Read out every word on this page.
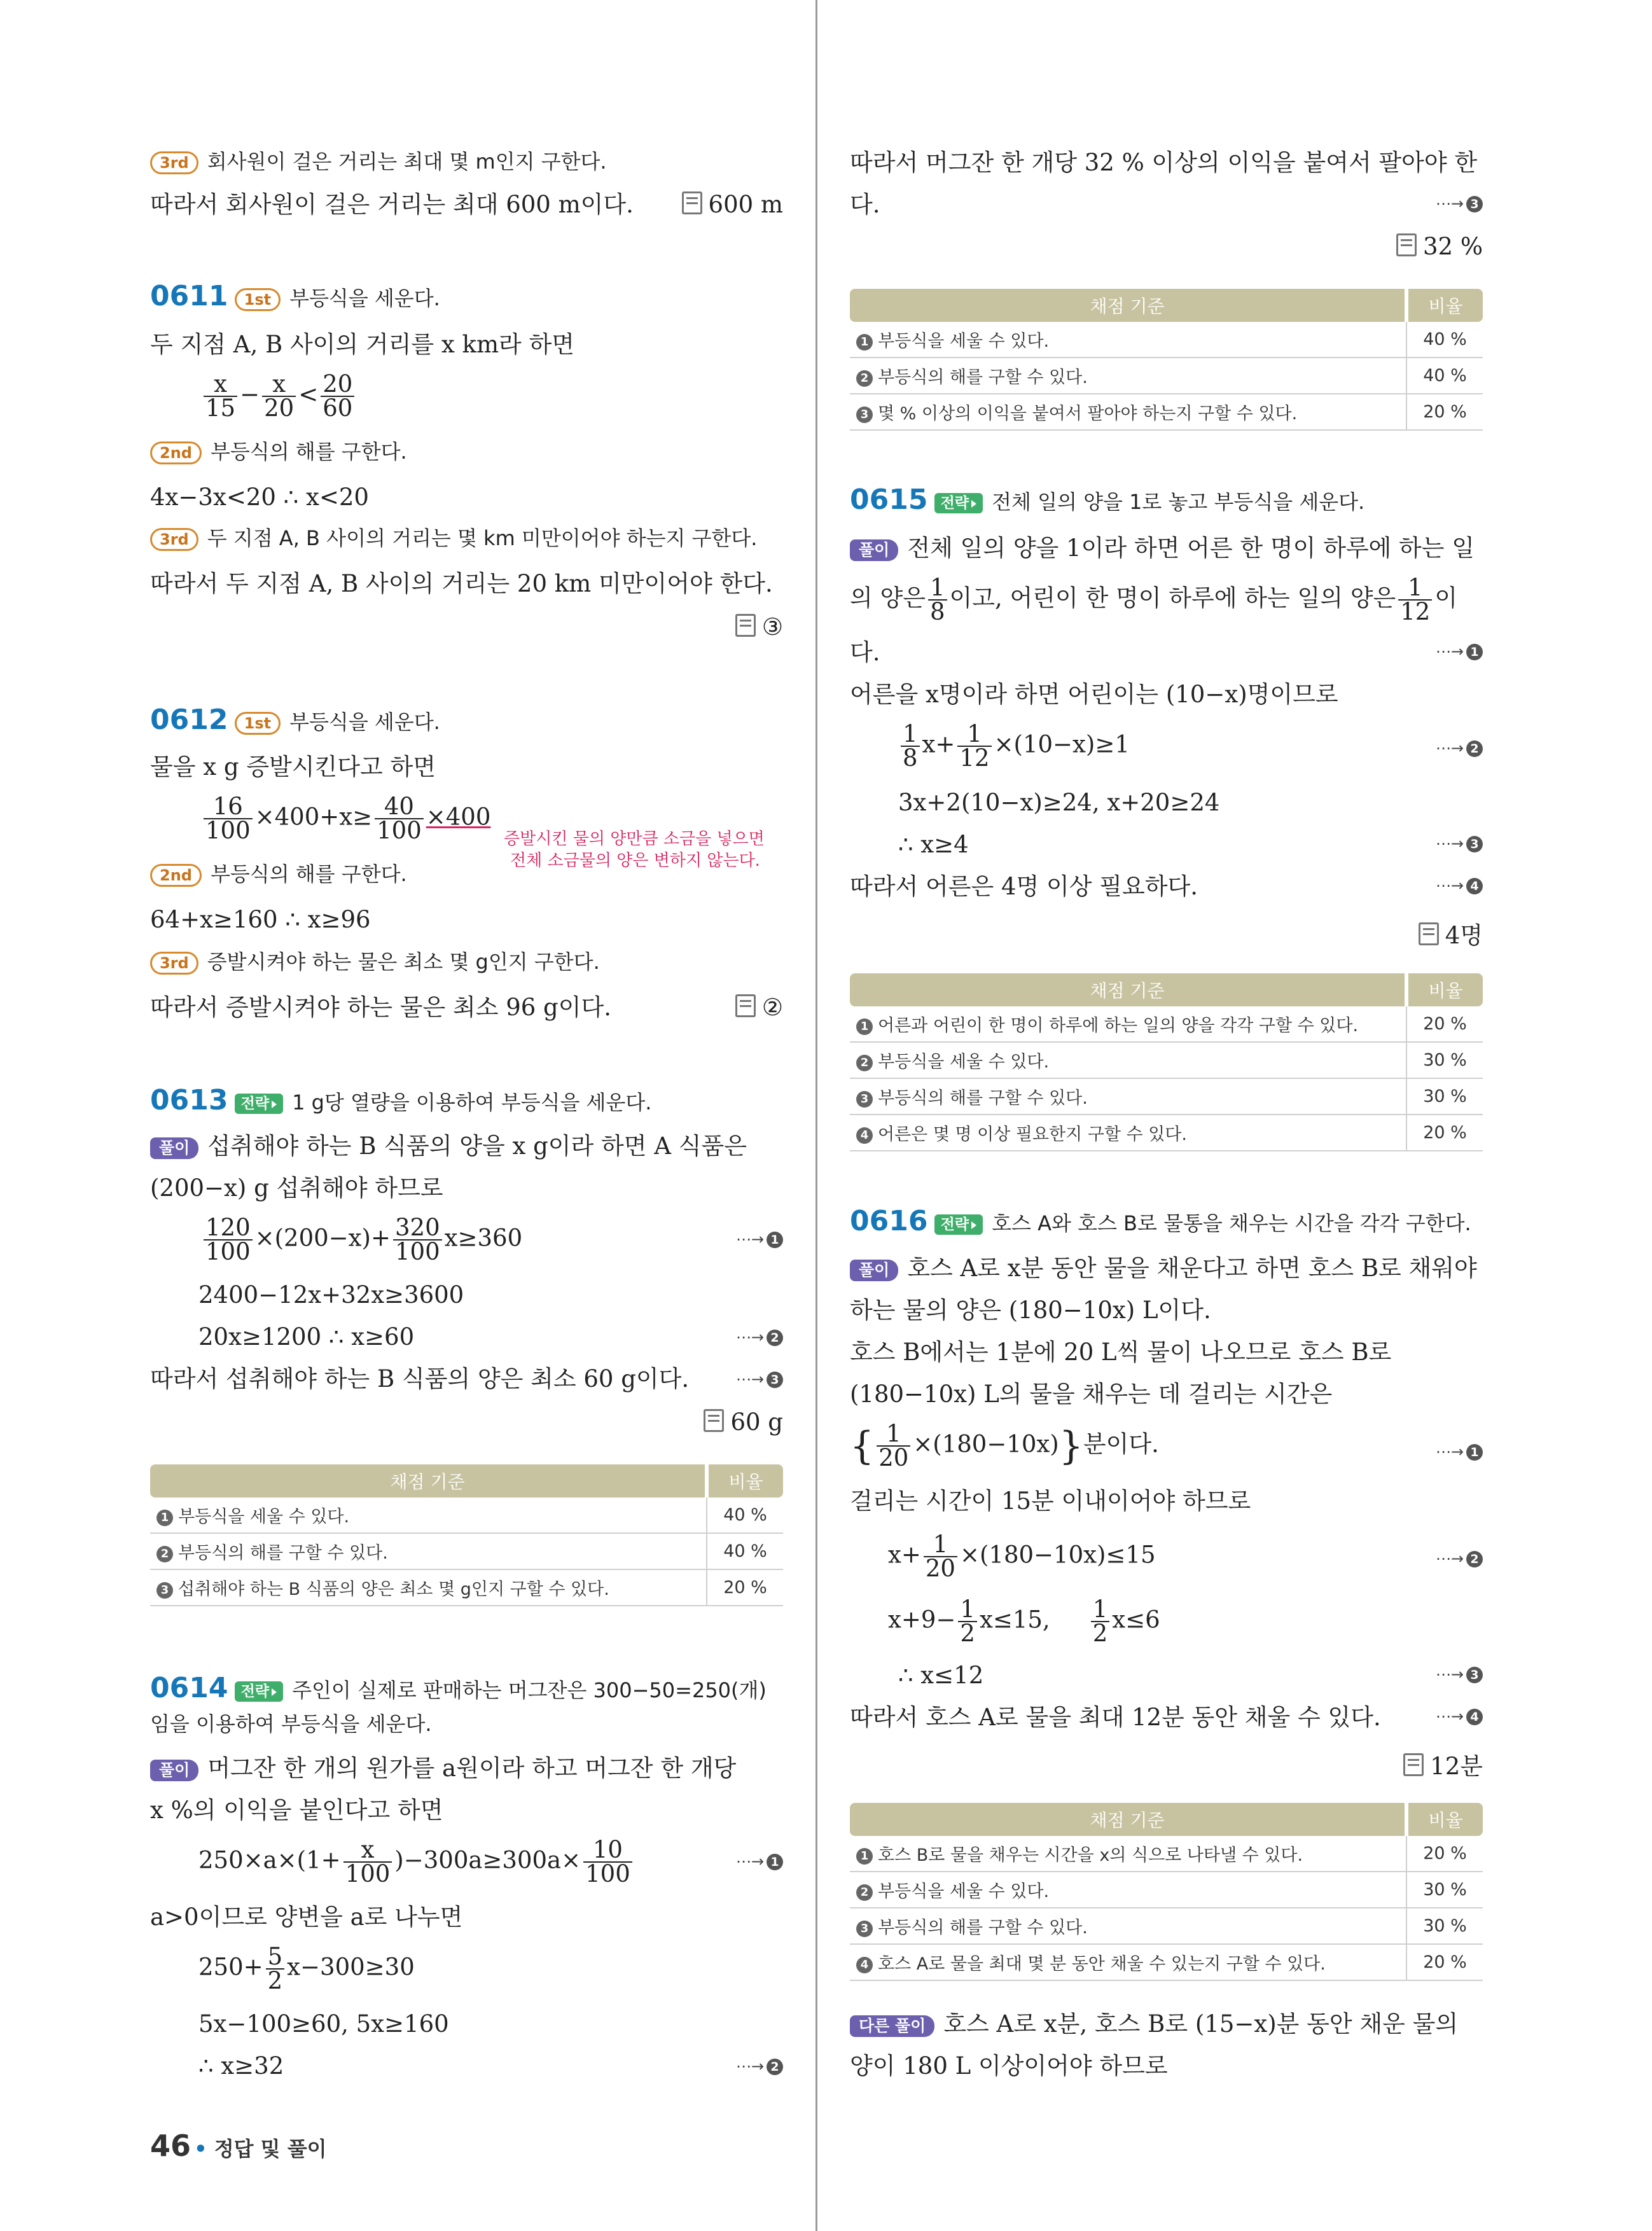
3rd 회사원이 걸은 거리는 최대 몇 m인지 구한다.
따라서 회사원이 걸은 거리는 최대 600 m이다.	600 m
0611 1st 부등식을 세운다.
두 지점 A, B 사이의 거리를 x km라 하면
$\frac{x}{15} - \frac{x}{20} < \frac{20}{60}$
2nd 부등식의 해를 구한다.
4x−3x<20 ∴ x<20
3rd 두 지점 A, B 사이의 거리는 몇 km 미만이어야 하는지 구한다.
따라서 두 지점 A, B 사이의 거리는 20 km 미만이어야 한다.
③
0612 1st 부등식을 세운다.
물을 x g 증발시킨다고 하면
$\frac{16}{100} \times 400+x\ge \frac{40}{100} \times 400$
증발시킨 물의 양만큼 소금을 넣으면
전체 소금물의 양은 변하지 않는다.
2nd 부등식의 해를 구한다.
64+x≥160 ∴ x≥96
3rd 증발시켜야 하는 물은 최소 몇 g인지 구한다.
따라서 증발시켜야 하는 물은 최소 96 g이다.	②
0613 전략 1 g당 열량을 이용하여 부등식을 세운다.
풀이 섭취해야 하는 B 식품의 양을 x g이라 하면 A 식품은
(200−x) g 섭취해야 하므로
$\frac{120}{100} \times(200-x)+ \frac{320}{100} x\ge 360$	⋯→ 1
2400−12x+32x≥3600
20x≥1200 ∴ x≥60	⋯→ 2
따라서 섭취해야 하는 B 식품의 양은 최소 60 g이다.	⋯→ 3
60 g
채점 기준	비율
1 부등식을 세울 수 있다.	40 %
2 부등식의 해를 구할 수 있다.	40 %
3 섭취해야 하는 B 식품의 양은 최소 몇 g인지 구할 수 있다.	20 %
0614 전략 주인이 실제로 판매하는 머그잔은 300−50=250(개)
임을 이용하여 부등식을 세운다.
풀이 머그잔 한 개의 원가를 a원이라 하고 머그잔 한 개당
x %의 이익을 붙인다고 하면
$250\times a\times(1+ \frac{x}{100} )-300a\ge 300a\times \frac{10}{100}$	⋯→ 1
a>0이므로 양변을 a로 나누면
$250+ \frac{5}{2} x-300\ge 30$
5x−100≥60, 5x≥160
∴ x≥32	⋯→ 2
46 • 정답 및 풀이
따라서 머그잔 한 개당 32 % 이상의 이익을 붙여서 팔아야 한
다.	⋯→ 3
32 %
채점 기준	비율
1 부등식을 세울 수 있다.	40 %
2 부등식의 해를 구할 수 있다.	40 %
3 몇 % 이상의 이익을 붙여서 팔아야 하는지 구할 수 있다.	20 %
0615 전략 전체 일의 양을 1로 놓고 부등식을 세운다.
풀이 전체 일의 양을 1이라 하면 어른 한 명이 하루에 하는 일
의 양은 $\frac{1}{8}$ 이고, 어린이 한 명이 하루에 하는 일의 양은 $\frac{1}{12}$ 이
다.	⋯→ 1
어른을 x명이라 하면 어린이는 (10−x)명이므로
$\frac{1}{8} x+ \frac{1}{12} \times(10-x)\ge 1$	⋯→ 2
3x+2(10−x)≥24, x+20≥24
∴ x≥4	⋯→ 3
따라서 어른은 4명 이상 필요하다.	⋯→ 4
4명
채점 기준	비율
1 어른과 어린이 한 명이 하루에 하는 일의 양을 각각 구할 수 있다.	20 %
2 부등식을 세울 수 있다.	30 %
3 부등식의 해를 구할 수 있다.	30 %
4 어른은 몇 명 이상 필요한지 구할 수 있다.	20 %
0616 전략 호스 A와 호스 B로 물통을 채우는 시간을 각각 구한다.
풀이 호스 A로 x분 동안 물을 채운다고 하면 호스 B로 채워야
하는 물의 양은 (180−10x) L이다.
호스 B에서는 1분에 20 L씩 물이 나오므로 호스 B로
(180−10x) L의 물을 채우는 데 걸리는 시간은
{ $\frac{1}{20} \times(180-10x)$}분이다.	⋯→ 1
걸리는 시간이 15분 이내이어야 하므로
$x+ \frac{1}{20} \times(180-10x)\le 15$	⋯→ 2
$x+9- \frac{1}{2} x\le 15$, $\frac{1}{2} x\le 6$
∴ x≤12	⋯→ 3
따라서 호스 A로 물을 최대 12분 동안 채울 수 있다.	⋯→ 4
12분
채점 기준	비율
1 호스 B로 물을 채우는 시간을 x의 식으로 나타낼 수 있다.	20 %
2 부등식을 세울 수 있다.	30 %
3 부등식의 해를 구할 수 있다.	30 %
4 호스 A로 물을 최대 몇 분 동안 채울 수 있는지 구할 수 있다.	20 %
다른 풀이 호스 A로 x분, 호스 B로 (15−x)분 동안 채운 물의
양이 180 L 이상이어야 하므로
